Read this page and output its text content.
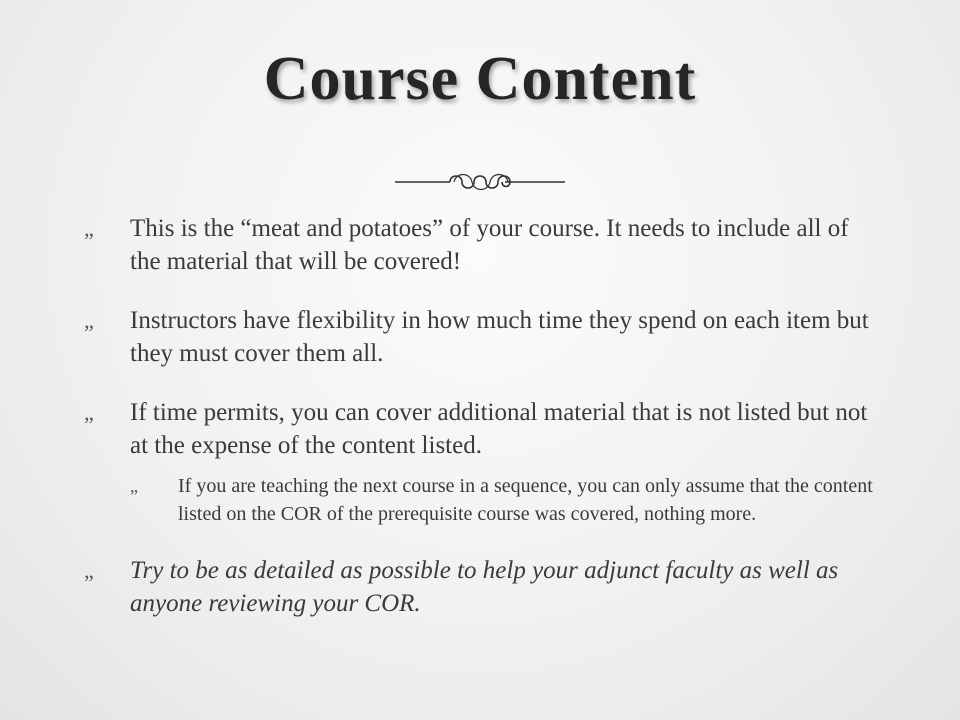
Course Content
„ This is the “meat and potatoes” of your course. It needs to include all of the material that will be covered!
„ Instructors have flexibility in how much time they spend on each item but they must cover them all.
„ If time permits, you can cover additional material that is not listed but not at the expense of the content listed.
„ If you are teaching the next course in a sequence, you can only assume that the content listed on the COR of the prerequisite course was covered, nothing more.
„ Try to be as detailed as possible to help your adjunct faculty as well as anyone reviewing your COR.
